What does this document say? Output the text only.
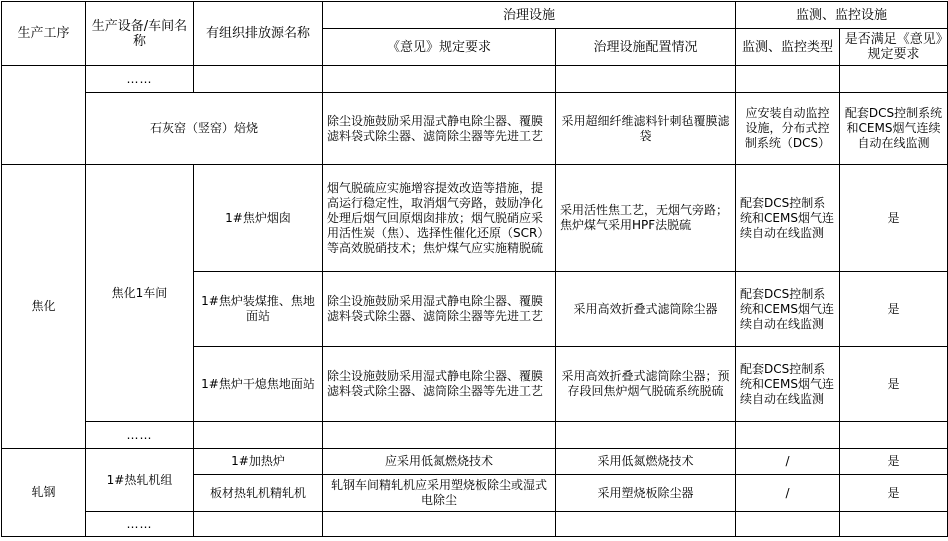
生产工序	生产设备/车间名称	有组织排放源名称	治理设施		监测、监控设施	
			《意见》规定要求	治理设施配置情况	监测、监控类型	是否满足《意见》规定要求
	……					
	石灰窑（竖窑）焙烧		除尘设施鼓励采用湿式静电除尘器、覆膜滤料袋式除尘器、滤筒除尘器等先进工艺	采用超细纤维滤料针刺毡覆膜滤袋	应安装自动监控设施，分布式控制系统（DCS）	配套DCS控制系统和CEMS烟气连续自动在线监测
焦化	焦化1车间	1#焦炉烟囱	烟气脱硫应实施增容提效改造等措施，提高运行稳定性，取消烟气旁路，鼓励净化处理后烟气回原烟囱排放；烟气脱硝应采用活性炭（焦）、选择性催化还原（SCR）等高效脱硝技术；焦炉煤气应实施精脱硫	采用活性焦工艺，无烟气旁路；焦炉煤气采用HPF法脱硫	配套DCS控制系统和CEMS烟气连续自动在线监测	是
		1#焦炉装煤推、焦地面站	除尘设施鼓励采用湿式静电除尘器、覆膜滤料袋式除尘器、滤筒除尘器等先进工艺	采用高效折叠式滤筒除尘器	配套DCS控制系统和CEMS烟气连续自动在线监测	是
		1#焦炉干熄焦地面站	除尘设施鼓励采用湿式静电除尘器、覆膜滤料袋式除尘器、滤筒除尘器等先进工艺	采用高效折叠式滤筒除尘器；预存段回焦炉烟气脱硫系统脱硫	配套DCS控制系统和CEMS烟气连续自动在线监测	是
	……					
轧钢	1#热轧机组	1#加热炉	应采用低氮燃烧技术	采用低氮燃烧技术	/	是
		板材热轧机精轧机	轧钢车间精轧机应采用塑烧板除尘或湿式电除尘	采用塑烧板除尘器	/	是
	……					
